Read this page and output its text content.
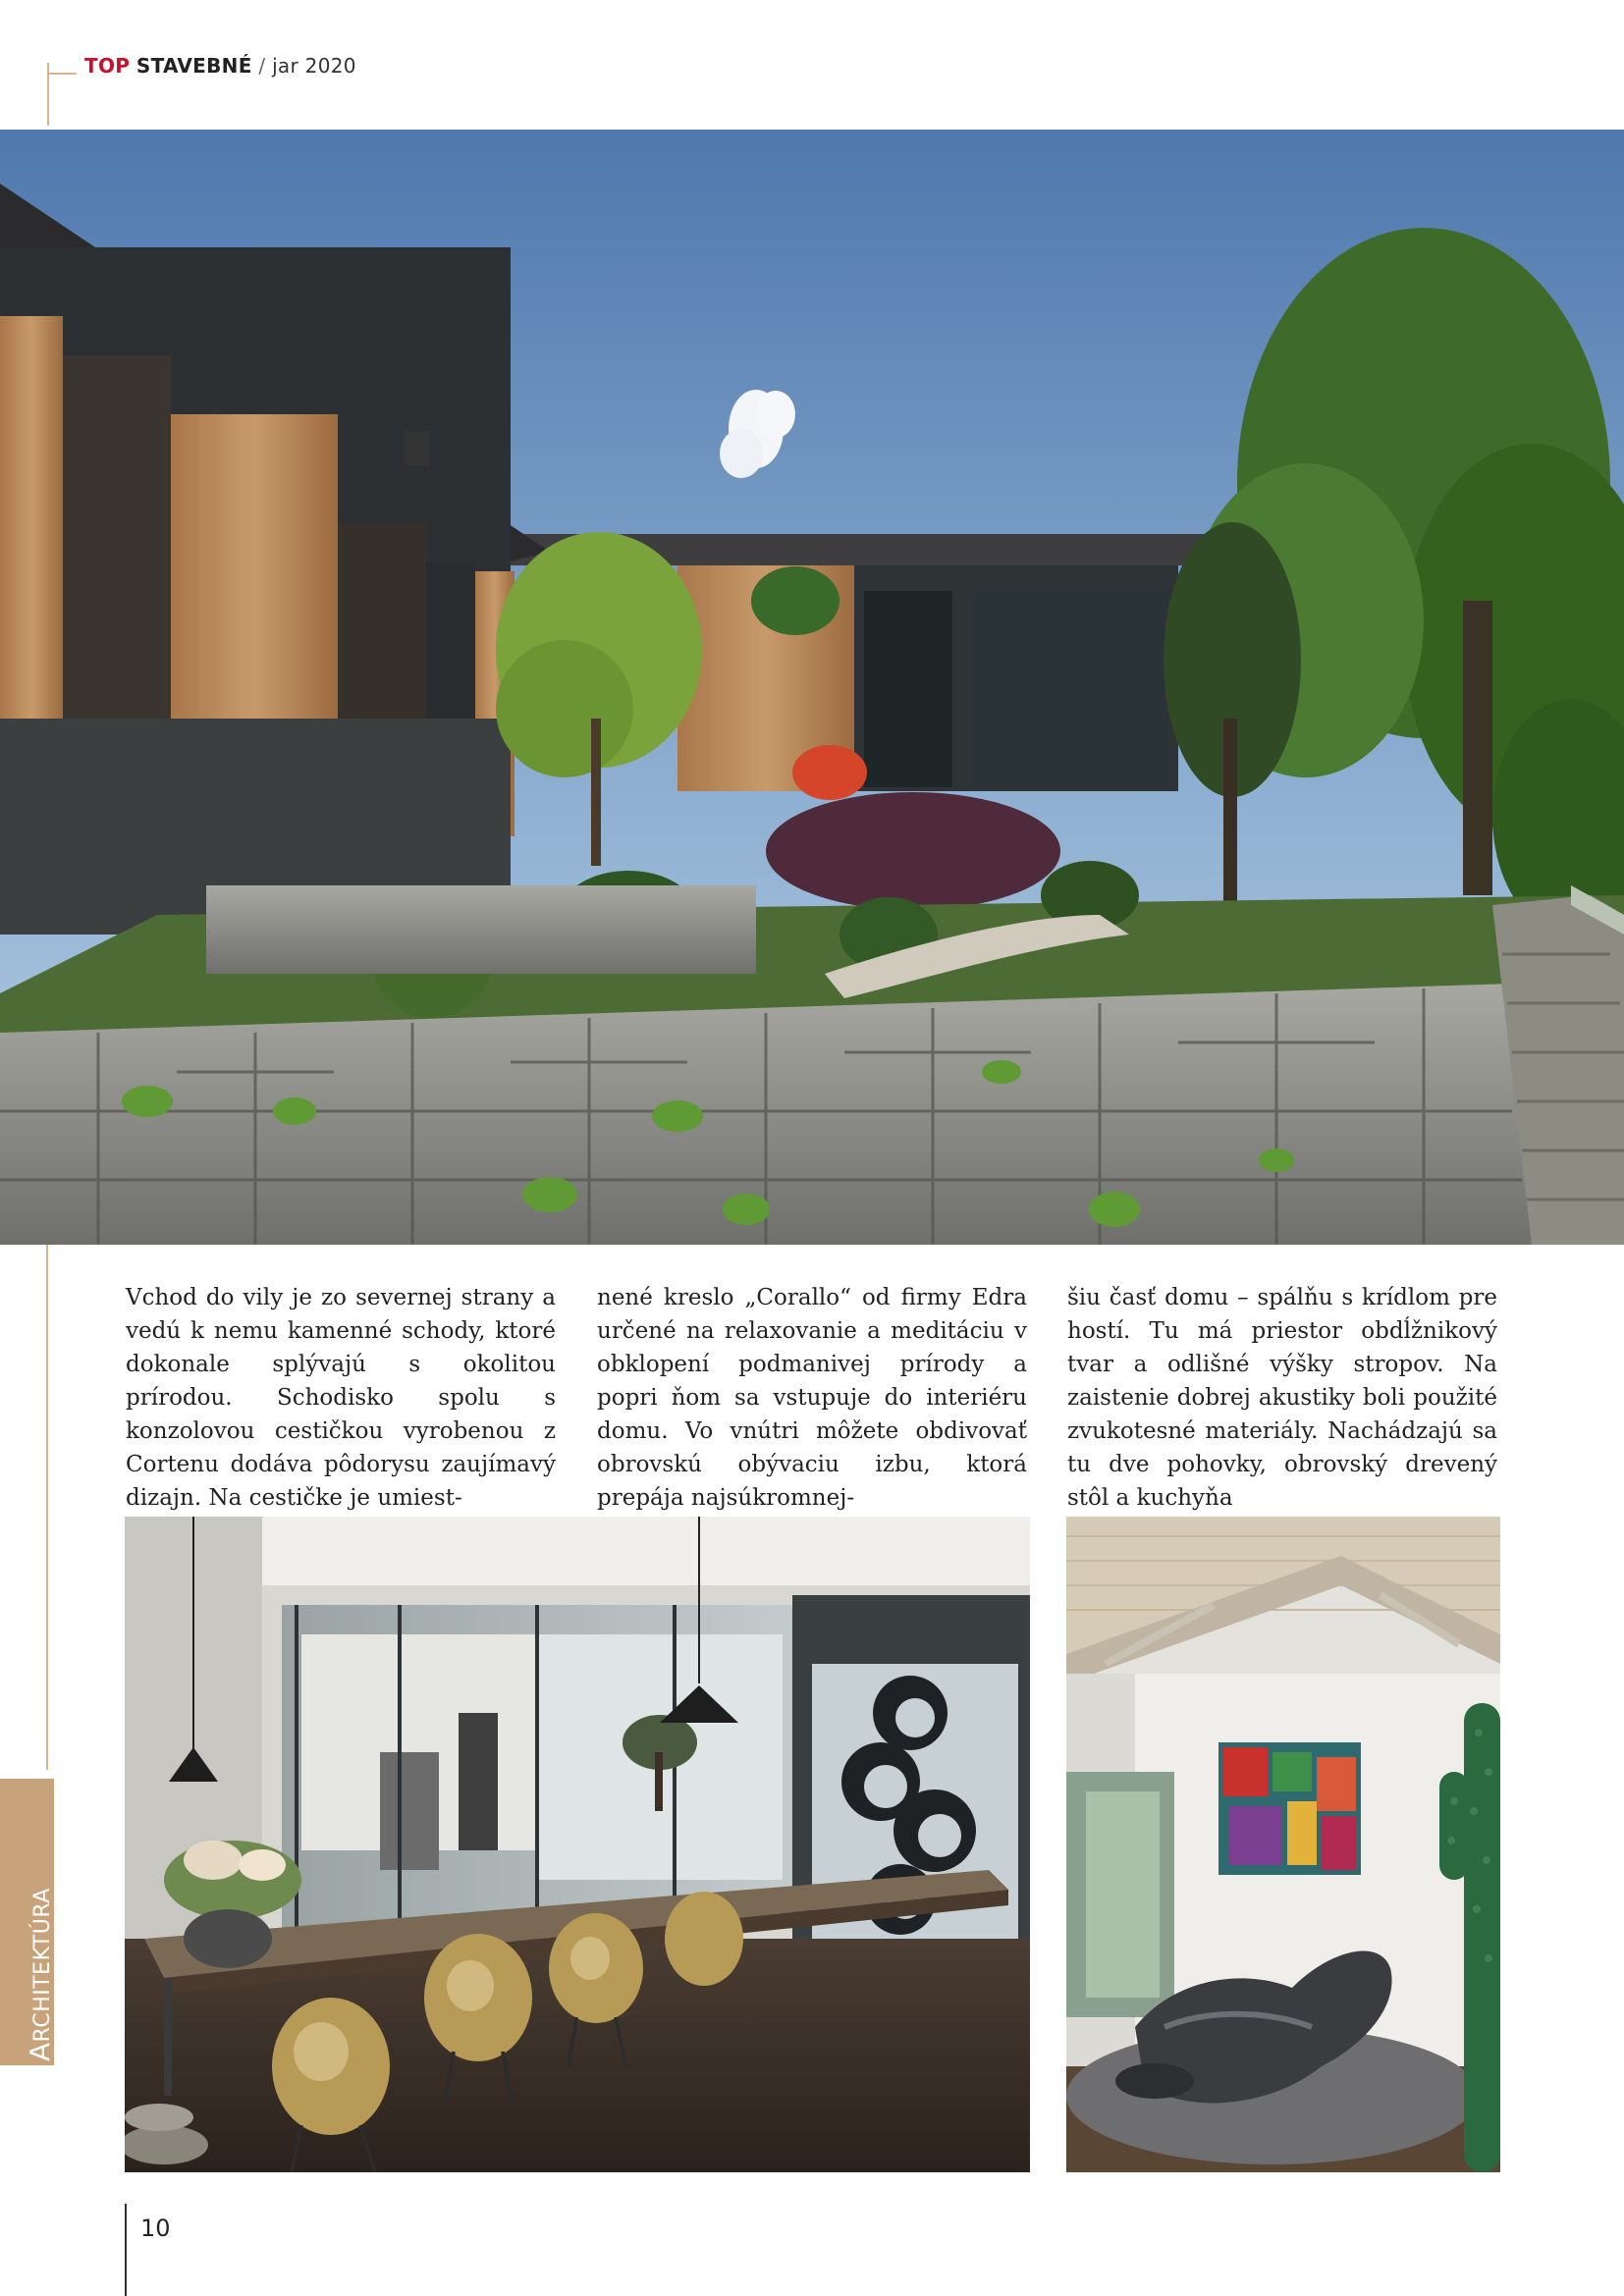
TOP STAVEBNÉ / jar 2020

Vchod do vily je zo severnej strany a vedú k nemu kamenné schody, ktoré dokonale splývajú s okolitou prírodou. Schodisko spolu s konzolovou cestičkou vyrobenou z Cortenu dodáva pôdorysu zaujímavý dizajn. Na cestičke je umiest-

nené kreslo „Corallo“ od firmy Edra určené na relaxovanie a meditáciu v obklopení podmanivej prírody a popri ňom sa vstupuje do interiéru domu. Vo vnútri môžete obdivovať obrovskú obývaciu izbu, ktorá prepája najsúkromnej-

šiu časť domu – spálňu s krídlom pre hostí. Tu má priestor obdĺžnikový tvar a odlišné výšky stropov. Na zaistenie dobrej akustiky boli použité zvukotesné materiály. Nachádzajú sa tu dve pohovky, obrovský drevený stôl a kuchyňa

ARCHITEKTÚRA
10
